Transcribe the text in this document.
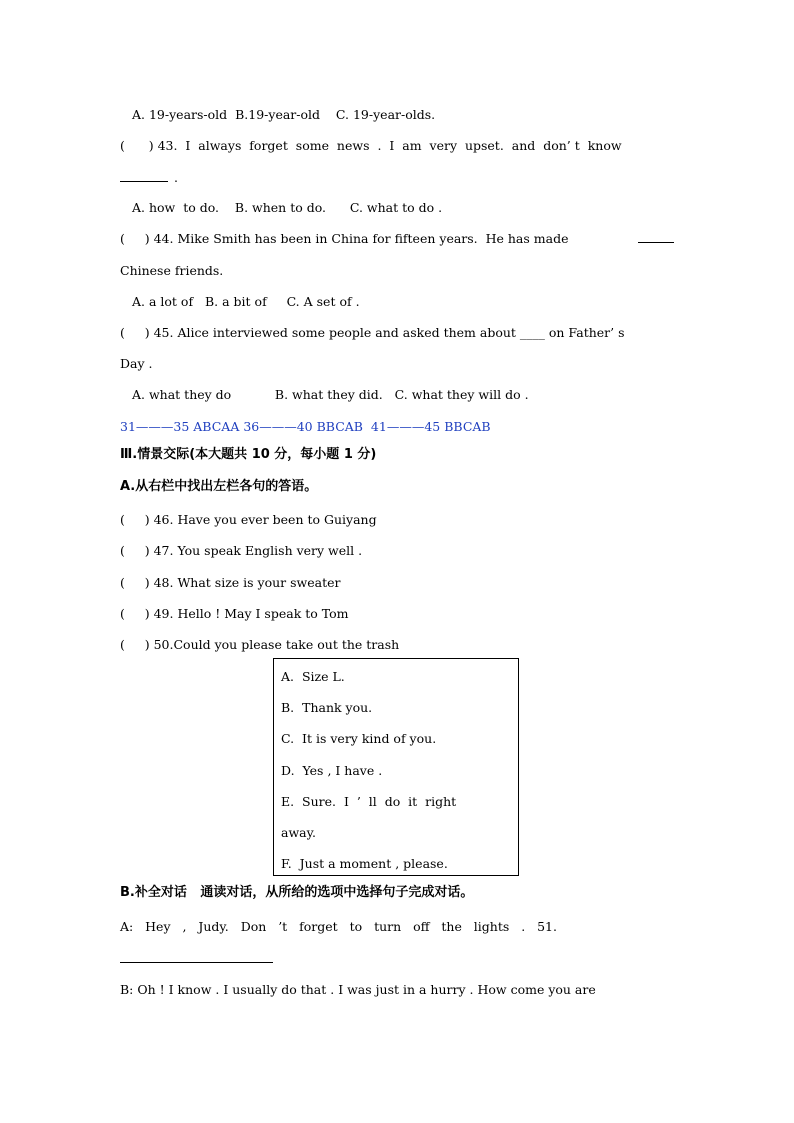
A. 19-years-old  B.19-year-old    C. 19-year-olds.
(      ) 43.  I  always  forget  some  news  .  I  am  very  upset.  and  don’ t  know
.
A. how  to do.    B. when to do.      C. what to do .
(     ) 44. Mike Smith has been in China for fifteen years.  He has made
Chinese friends.
A. a lot of   B. a bit of     C. A set of .
(     ) 45. Alice interviewed some people and asked them about ____ on Father’ s
Day .
A. what they do           B. what they did.   C. what they will do .
31———35 ABCAA 36———40 BBCAB  41———45 BBCAB
Ⅲ.情景交际(本大题共 10 分，每小题 1 分)
A.从右栏中找出左栏各句的答语。
(     ) 46. Have you ever been to Guiyang
(     ) 47. You speak English very well .
(     ) 48. What size is your sweater
(     ) 49. Hello ! May I speak to Tom
(     ) 50.Could you please take out the trash
A.  Size L.
B.  Thank you.
C.  It is very kind of you.
D.  Yes , I have .
E.  Sure.  I  ’  ll  do  it  right
away.
F.  Just a moment , please.
B.补全对话   通读对话，从所给的选项中选择句子完成对话。
A:   Hey   ,   Judy.   Don   ’t   forget   to   turn   off   the   lights   .   51.
B: Oh ! I know . I usually do that . I was just in a hurry . How come you are
